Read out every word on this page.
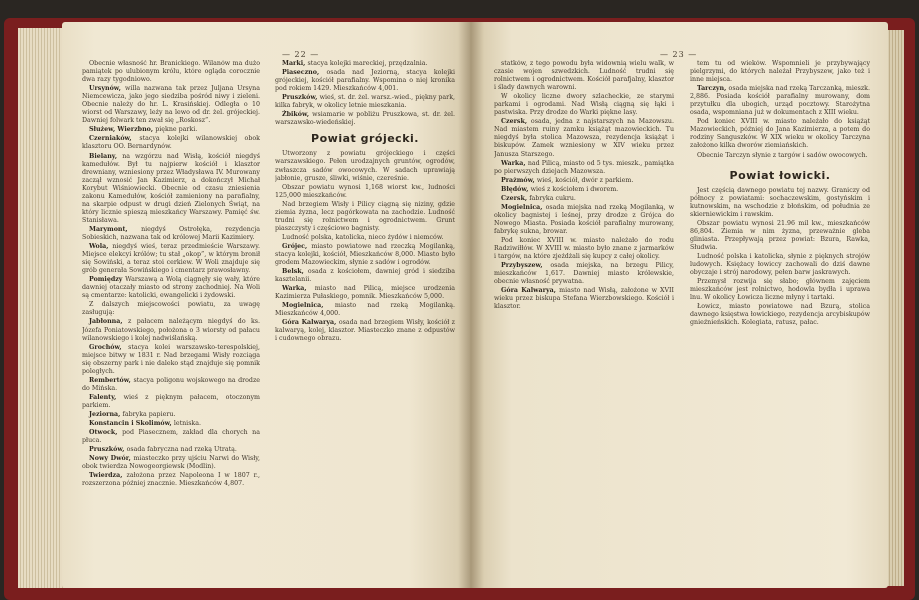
— 22 —

Obecnie własność hr. Branickiego. Wilanów ma dużo pamiątek po ulubionym królu, które ogląda corocznie dwa razy tygodniowo.

Ursynów, willa nazwana tak przez Juljana Ursyna Niemcewicza, jako jego siedziba pośród niwy i zieleni. Obecnie należy do hr. L. Krasińskiej. Odległa o 10 wiorst od Warszawy, leży na lewo od dr. żel. grójeckiej. Dawniej folwark ten zwał się „Roskosz”.

Służew, Wierzbno, piękne parki.

Czerniaków, stacya kolejki wilanowskiej obok klasztoru OO. Bernardynów.

Bielany, na wzgórzu nad Wisłą, kościół niegdyś kamedułów. Był tu najpierw kościół i klasztor drewniany, wzniesiony przez Władysława IV. Murowany zaczął wznosić Jan Kazimierz, a dokończył Michał Korybut Wiśniowiecki. Obecnie od czasu zniesienia zakonu Kamedułów, kościół zamieniony na parafialny, na skarpie odpust w drugi dzień Zielonych Świąt, na który licznie spieszą mieszkańcy Warszawy. Pamięć św. Stanisława.

Marymont, niegdyś Ostrołęka, rezydencja Sobieskich, nazwana tak od królowej Marii Kazimiery.

Wola, niegdyś wieś, teraz przedmieście Warszawy. Miejsce elekcyi królów; tu stał „okop”, w którym bronił się Sowiński, a teraz stoi cerkiew. W Woli znajduje się grób generała Sowińskiego i cmentarz prawosławny.

Pomiędzy Warszawą a Wolą ciągnęły się wały, które dawniej otaczały miasto od strony zachodniej. Na Woli są cmentarze: katolicki, ewangelicki i żydowski.

Z dalszych miejscowości powiatu, za uwagę zasługują:

Jabłonna, z pałacem należącym niegdyś do ks. Józefa Poniatowskiego, położona o 3 wiorsty od pałacu wilanowskiego i kolej nadwiślańską.

Grochów, stacya kolei warszawsko-terespolskiej, miejsce bitwy w 1831 r. Nad brzegami Wisły rozciąga się obszerny park i nie daleko stąd znajduje się pomnik poległych.

Rembertów, stacya poligonu wojskowego na drodze do Mińska.

Falenty, wieś z pięknym pałacem, otoczonym parkiem.

Jeziorna, fabryka papieru.

Konstancin i Skolimów, letniska.

Otwock, pod Piasecznem, zakład dla chorych na płuca.

Pruszków, osada fabryczna nad rzeką Utratą.

Nowy Dwór, miasteczko przy ujściu Narwi do Wisły, obok twierdza Nowogeorgiewsk (Modlin).

Twierdza, założona przez Napoleona I w 1807 r., rozszerzona później znacznie. Mieszkańców 4,807.

Marki, stacya kolejki mareckiej, przędzalnia.

Piaseczno, osada nad Jeziorną, stacya kolejki grójeckiej, kościół parafialny. Wspomina o niej kronika pod rokiem 1429. Mieszkańców 4,001.

Pruszków, wieś, st. dr. żel. warsz.-wied., piękny park, kilka fabryk, w okolicy letnie mieszkania.

Żbików, wsiamarie w pobliżu Pruszkowa, st. dr. żel. warszawsko-wiedeńskiej.

Powiat grójecki.

Utworzony z powiatu grójeckiego i części warszawskiego. Pełen urodzajnych gruntów, ogrodów, zwłaszcza sadów owocowych. W sadach uprawiają jabłonie, grusze, śliwki, wiśnie, czereśnie.

Obszar powiatu wynosi 1,168 wiorst kw., ludności 125,000 mieszkańców.

Nad brzegiem Wisły i Pilicy ciągną się niziny, gdzie ziemia żyzna, lecz pagórkowata na zachodzie. Ludność trudni się rolnictwem i ogrodnictwem. Grunt piaszczysty i częściowo bagnisty.

Ludność polska, katolicka, nieco żydów i niemców.

Grójec, miasto powiatowe nad rzeczką Mogilanką, stacya kolejki, kościół, Mieszkańców 8,000. Miasto było grodem Mazowieckim, słynie z sadów i ogrodów.

Belsk, osada z kościołem, dawniej gród i siedziba kasztelanii.

Warka, miasto nad Pilicą, miejsce urodzenia Kazimierza Pułaskiego, pomnik. Mieszkańców 5,000.

Mogielnica, miasto nad rzeką Mogilanką. Mieszkańców 4,000.

Góra Kalwarya, osada nad brzegiem Wisły, kościół z kalwaryą, kolej, klasztor. Miasteczko znane z odpustów i cudownego obrazu.

— 23 —

statków, z tego powodu była widownią wielu walk, w czasie wojen szwedzkich. Ludność trudni się rolnictwem i ogrodnictwem. Kościół parafjalny, klasztor i ślady dawnych warowni.

W okolicy liczne dwory szlacheckie, ze starymi parkami i ogrodami. Nad Wisłą ciągną się łąki i pastwiska. Przy drodze do Warki piękne lasy.

Czersk, osada, jedna z najstarszych na Mazowszu. Nad miastem ruiny zamku książąt mazowieckich. Tu niegdyś była stolica Mazowsza, rezydencja książąt i biskupów. Zamek wzniesiony w XIV wieku przez Janusza Starszego.

Warka, nad Pilicą, miasto od 5 tys. mieszk., pamiątka po pierwszych dziejach Mazowsza.

Prażmów, wieś, kościół, dwór z parkiem.

Błędów, wieś z kościołem i dworem.

Czersk, fabryka cukru.

Mogielnica, osada miejska nad rzeką Mogilanką, w okolicy bagnistej i leśnej, przy drodze z Grójca do Nowego Miasta. Posiada kościół parafialny murowany, fabrykę sukna, browar.

Pod koniec XVIII w. miasto należało do rodu Radziwiłłów. W XVIII w. miasto było znane z jarmarków i targów, na które zjeżdżali się kupcy z całej okolicy.

Przybyszew, osada miejska, na brzegu Pilicy, mieszkańców 1,617. Dawniej miasto królewskie, obecnie własność prywatna.

Góra Kalwarya, miasto nad Wisłą, założone w XVII wieku przez biskupa Stefana Wierzbowskiego. Kościół i klasztor.

tem tu od wieków. Wspomnieli je przybywający pielgrzymi, do których należał Przybyszew, jako też i inne miejsca.

Tarczyn, osada miejska nad rzeką Tarczanką, mieszk. 2,886. Posiada kościół parafialny murowany, dom przytułku dla ubogich, urząd pocztowy. Starożytna osada, wspomniana już w dokumentach z XIII wieku.

Pod koniec XVIII w. miasto należało do książąt Mazowieckich, później do Jana Kazimierza, a potem do rodziny Sanguszków. W XIX wieku w okolicy Tarczyna założono kilka dworów ziemiańskich.

Obecnie Tarczyn słynie z targów i sadów owocowych.

Powiat łowicki.

Jest częścią dawnego powiatu tej nazwy. Graniczy od północy z powiatami: sochaczewskim, gostyńskim i kutnowskim, na wschodzie z błońskim, od południa ze skierniewickim i rawskim.

Obszar powiatu wynosi 21.96 mil kw., mieszkańców 86,804. Ziemia w nim żyzna, przeważnie gleba gliniasta. Przepływają przez powiat: Bzura, Rawka, Słudwia.

Ludność polska i katolicka, słynie z pięknych strojów ludowych. Księżacy łowiccy zachowali do dziś dawne obyczaje i strój narodowy, pełen barw jaskrawych.

Przemysł rozwija się słabo; głównem zajęciem mieszkańców jest rolnictwo, hodowla bydła i uprawa lnu. W okolicy Łowicza liczne młyny i tartaki.

Łowicz, miasto powiatowe nad Bzurą, stolica dawnego księstwa łowickiego, rezydencja arcybiskupów gnieźnieńskich. Kolegiata, ratusz, pałac.
